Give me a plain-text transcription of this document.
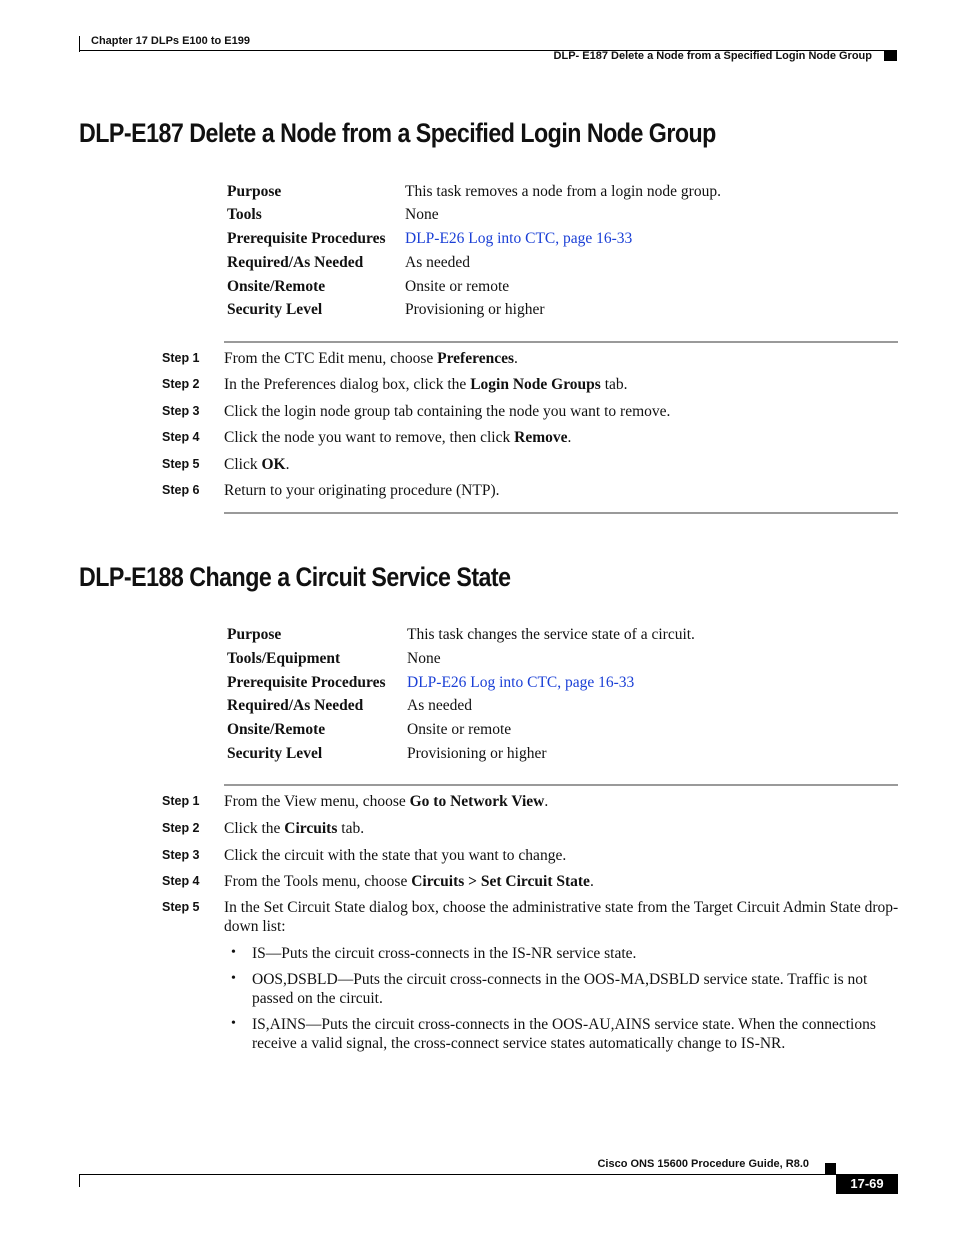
Chapter 17 DLPs E100 to E199
DLP- E187 Delete a Node from a Specified Login Node Group
DLP-E187 Delete a Node from a Specified Login Node Group
Purpose	This task removes a node from a login node group.
Tools	None
Prerequisite Procedures DLP-E26 Log into CTC, page 16-33
Required/As Needed	As needed
Onsite/Remote	Onsite or remote
Security Level	Provisioning or higher
Step 1 From the CTC Edit menu, choose Preferences.
Step 2 In the Preferences dialog box, click the Login Node Groups tab.
Step 3 Click the login node group tab containing the node you want to remove.
Step 4 Click the node you want to remove, then click Remove.
Step 5 Click OK.
Step 6 Return to your originating procedure (NTP).
DLP-E188 Change a Circuit Service State
Purpose	This task changes the service state of a circuit.
Tools/Equipment	None
Prerequisite Procedures DLP-E26 Log into CTC, page 16-33
Required/As Needed	As needed
Onsite/Remote	Onsite or remote
Security Level	Provisioning or higher
Step 1 From the View menu, choose Go to Network View.
Step 2 Click the Circuits tab.
Step 3 Click the circuit with the state that you want to change.
Step 4 From the Tools menu, choose Circuits > Set Circuit State.
Step 5 In the Set Circuit State dialog box, choose the administrative state from the Target Circuit Admin State drop-down list:
• IS—Puts the circuit cross-connects in the IS-NR service state.
• OOS,DSBLD—Puts the circuit cross-connects in the OOS-MA,DSBLD service state. Traffic is not passed on the circuit.
• IS,AINS—Puts the circuit cross-connects in the OOS-AU,AINS service state. When the connections receive a valid signal, the cross-connect service states automatically change to IS-NR.
Cisco ONS 15600 Procedure Guide, R8.0
17-69
